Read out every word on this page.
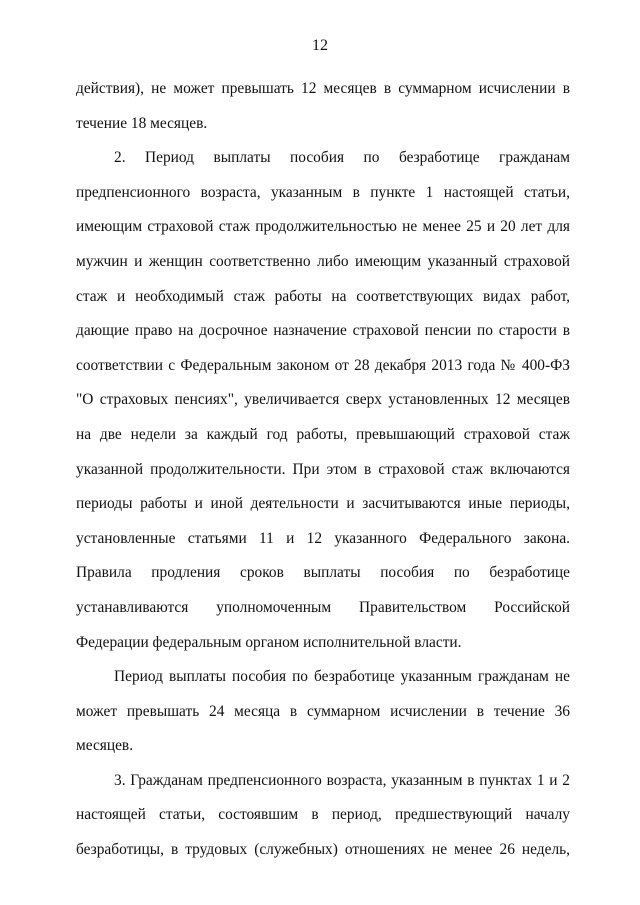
12

действия), не может превышать 12 месяцев в суммарном исчислении в течение 18 месяцев.

2. Период выплаты пособия по безработице гражданам предпенсионного возраста, указанным в пункте 1 настоящей статьи, имеющим страховой стаж продолжительностью не менее 25 и 20 лет для мужчин и женщин соответственно либо имеющим указанный страховой стаж и необходимый стаж работы на соответствующих видах работ, дающие право на досрочное назначение страховой пенсии по старости в соответствии с Федеральным законом от 28 декабря 2013 года № 400-ФЗ "О страховых пенсиях", увеличивается сверх установленных 12 месяцев на две недели за каждый год работы, превышающий страховой стаж указанной продолжительности. При этом в страховой стаж включаются периоды работы и иной деятельности и засчитываются иные периоды, установленные статьями 11 и 12 указанного Федерального закона. Правила продления сроков выплаты пособия по безработице устанавливаются уполномоченным Правительством Российской Федерации федеральным органом исполнительной власти.

Период выплаты пособия по безработице указанным гражданам не может превышать 24 месяца в суммарном исчислении в течение 36 месяцев.

3. Гражданам предпенсионного возраста, указанным в пунктах 1 и 2 настоящей статьи, состоявшим в период, предшествующий началу безработицы, в трудовых (служебных) отношениях не менее 26 недель,
